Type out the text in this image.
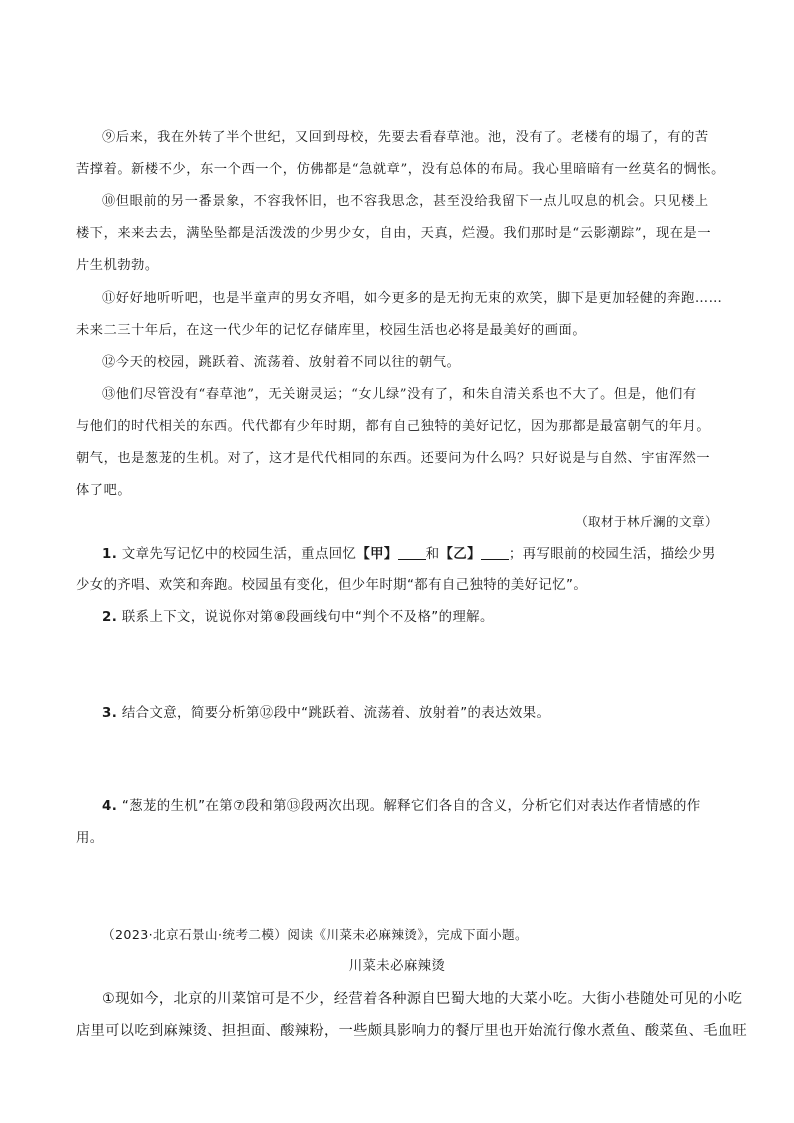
⑨后来，我在外转了半个世纪，又回到母校，先要去看春草池。池，没有了。老楼有的塌了，有的苦
苦撑着。新楼不少，东一个西一个，仿佛都是“急就章”，没有总体的布局。我心里暗暗有一丝莫名的惆怅。
⑩但眼前的另一番景象，不容我怀旧，也不容我思念，甚至没给我留下一点儿叹息的机会。只见楼上
楼下，来来去去，满坠坠都是活泼泼的少男少女，自由，天真，烂漫。我们那时是“云影潮踪”，现在是一
片生机勃勃。
⑪好好地听听吧，也是半童声的男女齐唱，如今更多的是无拘无束的欢笑，脚下是更加轻健的奔跑……
未来二三十年后，在这一代少年的记忆存储库里，校园生活也必将是最美好的画面。
⑫今天的校园，跳跃着、流荡着、放射着不同以往的朝气。
⑬他们尽管没有“春草池”，无关谢灵运；“女儿绿”没有了，和朱自清关系也不大了。但是，他们有
与他们的时代相关的东西。代代都有少年时期，都有自己独特的美好记忆，因为那都是最富朝气的年月。
朝气，也是葱茏的生机。对了，这才是代代相同的东西。还要问为什么吗？只好说是与自然、宇宙浑然一
体了吧。
（取材于林斤澜的文章）
1. 文章先写记忆中的校园生活，重点回忆【甲】 和【乙】 ；再写眼前的校园生活，描绘少男
少女的齐唱、欢笑和奔跑。校园虽有变化，但少年时期“都有自己独特的美好记忆”。
2. 联系上下文，说说你对第⑧段画线句中“判个不及格”的理解。
3. 结合文意，简要分析第⑫段中“跳跃着、流荡着、放射着”的表达效果。
4. “葱茏的生机”在第⑦段和第⑬段两次出现。解释它们各自的含义，分析它们对表达作者情感的作
用。
（2023·北京石景山·统考二模）阅读《川菜未必麻辣烫》，完成下面小题。
川菜未必麻辣烫
①现如今，北京的川菜馆可是不少，经营着各种源自巴蜀大地的大菜小吃。大街小巷随处可见的小吃
店里可以吃到麻辣烫、担担面、酸辣粉，一些颇具影响力的餐厅里也开始流行像水煮鱼、酸菜鱼、毛血旺
